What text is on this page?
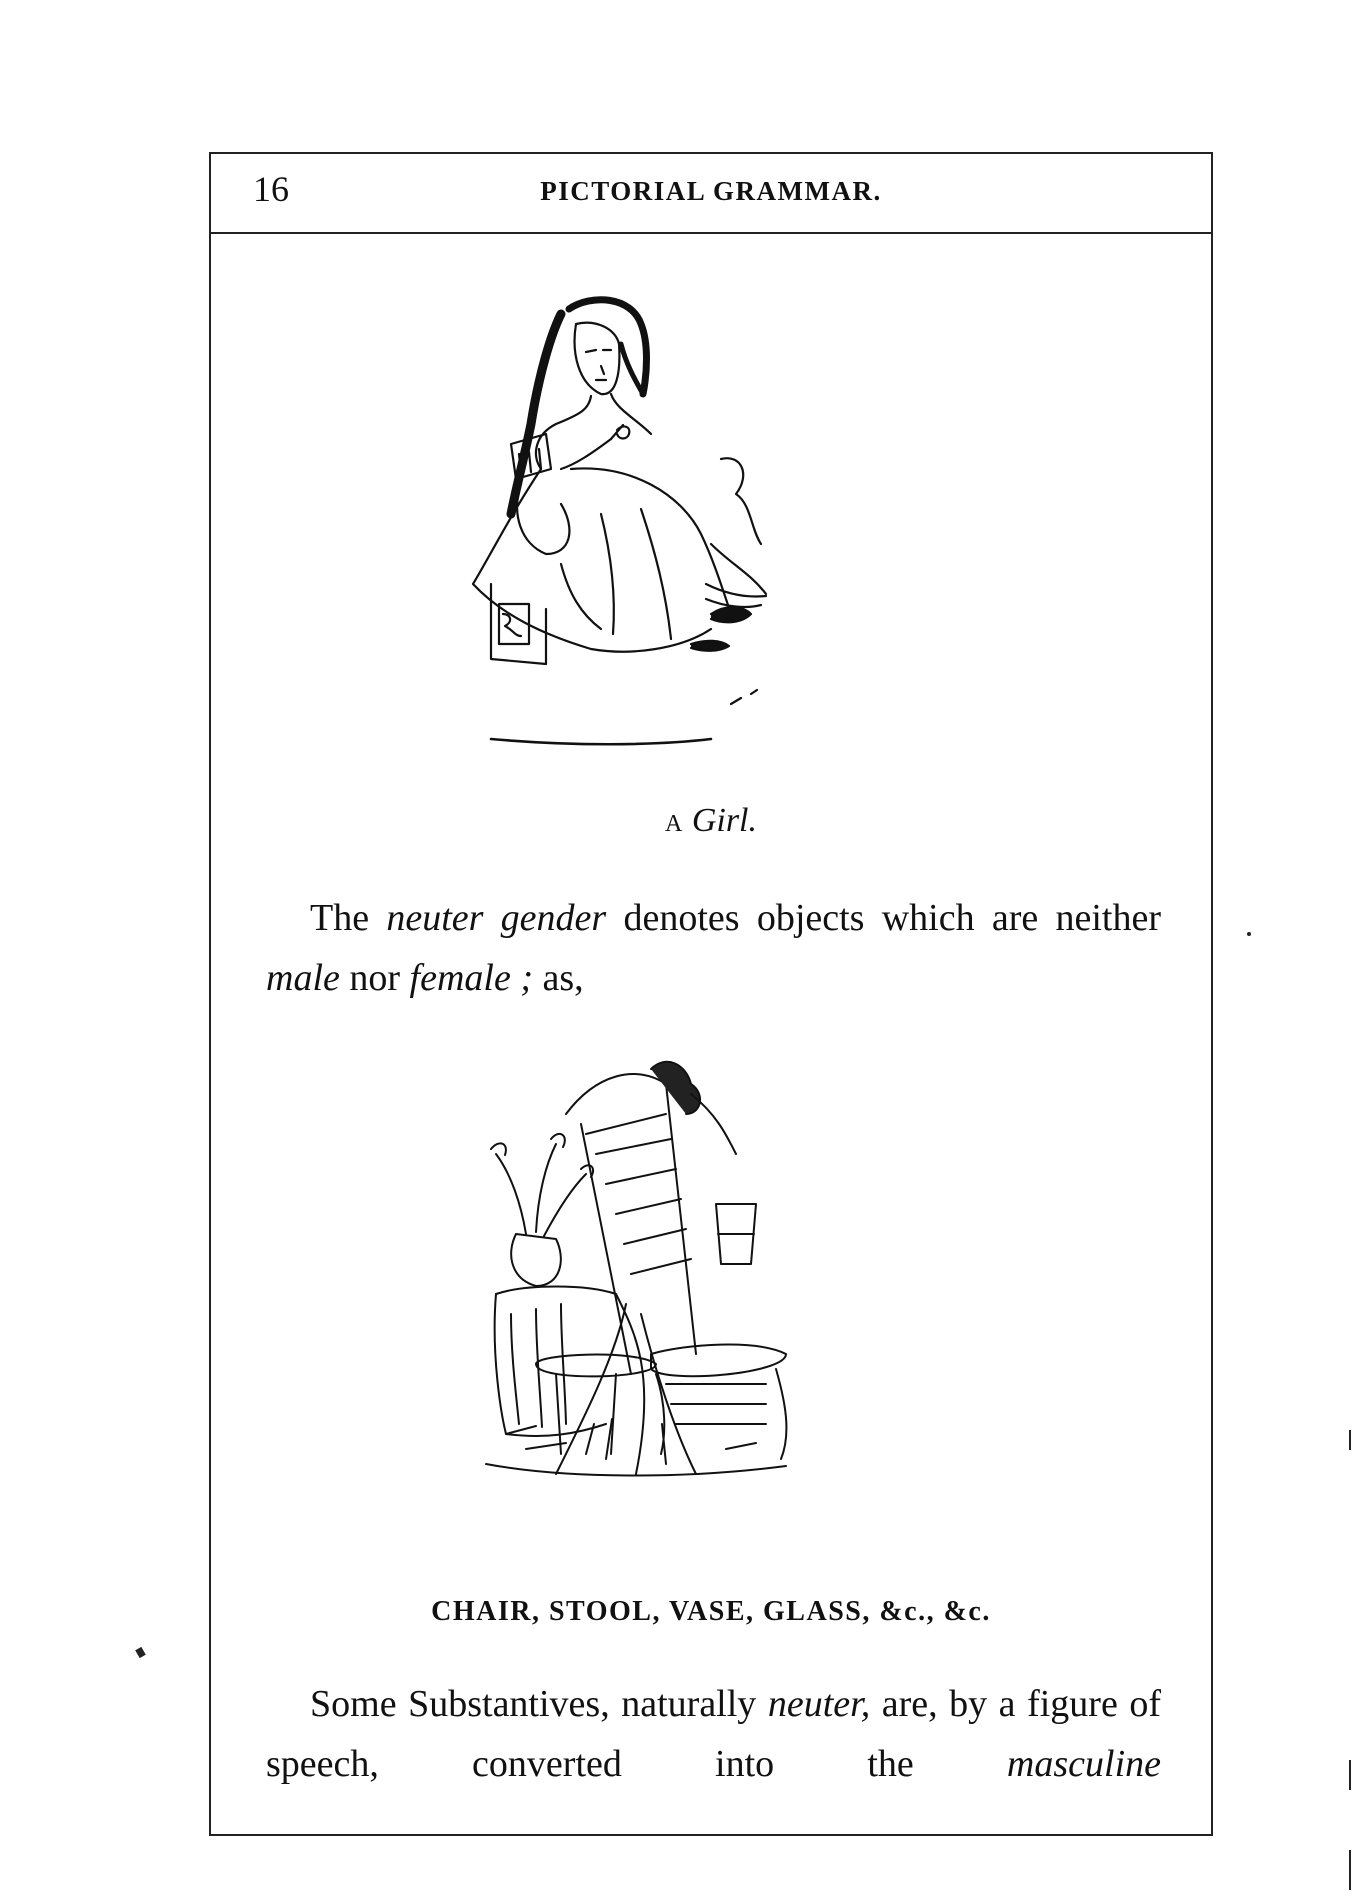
16	PICTORIAL GRAMMAR.
A Girl.

The neuter gender denotes objects which are neither male nor female ; as,

CHAIR, STOOL, VASE, GLASS, &c., &c.

Some Substantives, naturally neuter, are, by a figure of speech, converted into the masculine
